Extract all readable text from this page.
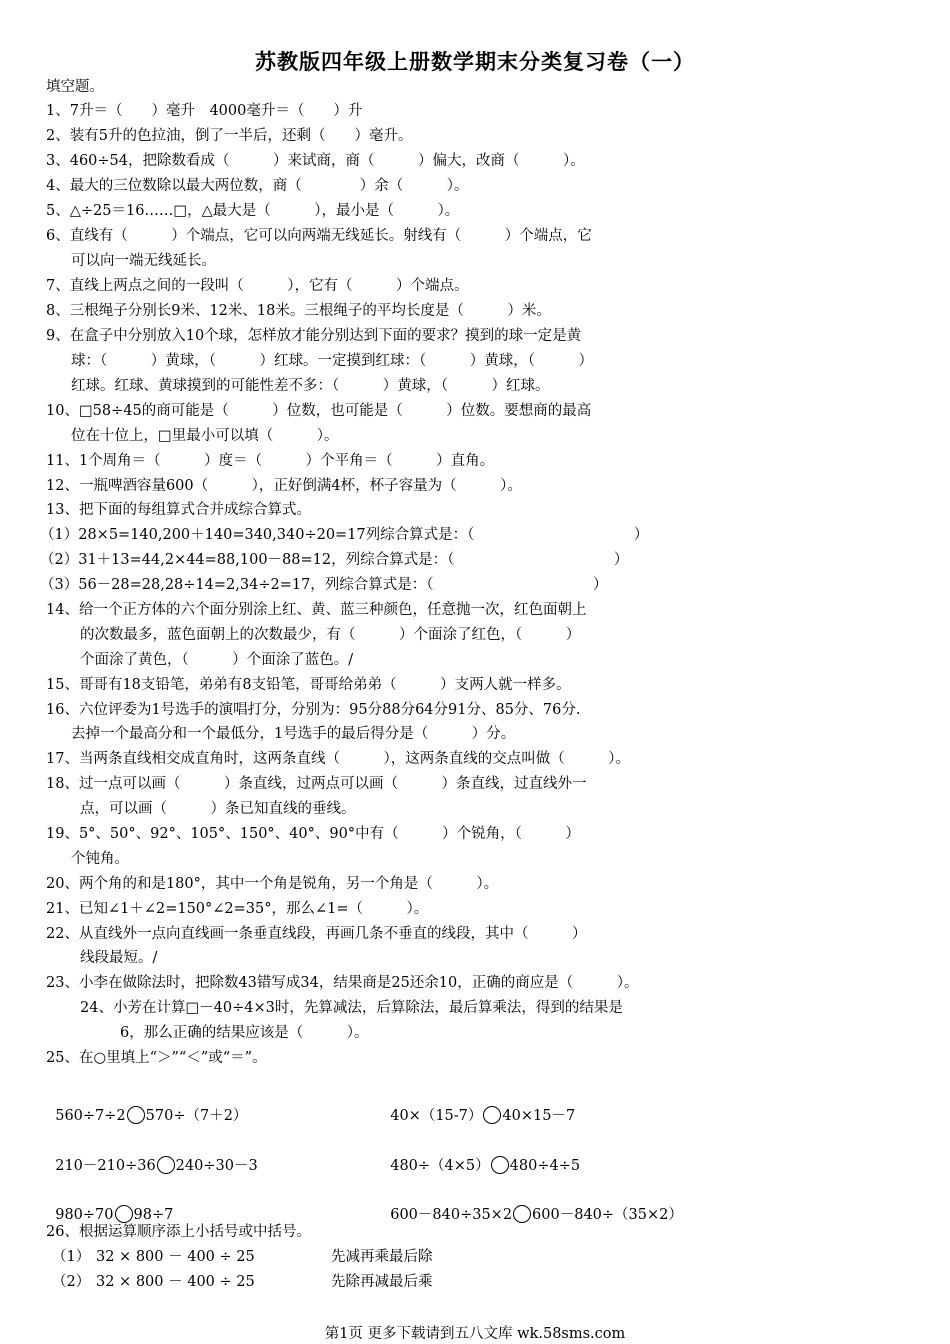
苏教版四年级上册数学期末分类复习卷（一）
填空题。
1、7升＝（　　）毫升　4000毫升＝（　　）升
2、装有5升的色拉油，倒了一半后，还剩（　　）毫升。
3、460÷54，把除数看成（　　　）来试商，商（　　　）偏大，改商（　　　）。
4、最大的三位数除以最大两位数，商（　　　　）余（　　　）。
5、△÷25＝16……□，△最大是（　　　），最小是（　　　）。
6、直线有（　　　）个端点，它可以向两端无线延长。射线有（　　　）个端点，它
可以向一端无线延长。
7、直线上两点之间的一段叫（　　　），它有（　　　）个端点。
8、三根绳子分别长9米、12米、18米。三根绳子的平均长度是（　　　）米。
9、在盒子中分别放入10个球，怎样放才能分别达到下面的要求？摸到的球一定是黄
球：（　　　）黄球，（　　　）红球。一定摸到红球：（　　　）黄球，（　　　）
红球。红球、黄球摸到的可能性差不多：（　　　）黄球，（　　　）红球。
10、□58÷45的商可能是（　　　）位数，也可能是（　　　）位数。要想商的最高
位在十位上，□里最小可以填（　　　）。
11、1个周角＝（　　　）度＝（　　　）个平角＝（　　　）直角。
12、一瓶啤酒容量600（　　　），正好倒满4杯，杯子容量为（　　　）。
13、把下面的每组算式合并成综合算式。
（1）28×5=140,200＋140=340,340÷20=17列综合算式是：（　　　　　　　　　　　）
（2）31＋13=44,2×44=88,100－88=12，列综合算式是：（　　　　　　　　　　　）
（3）56－28=28,28÷14=2,34÷2=17，列综合算式是：（　　　　　　　　　　　）
14、给一个正方体的六个面分别涂上红、黄、蓝三种颜色，任意抛一次，红色面朝上
的次数最多，蓝色面朝上的次数最少，有（　　　）个面涂了红色，（　　　）
个面涂了黄色，（　　　）个面涂了蓝色。/
15、哥哥有18支铅笔，弟弟有8支铅笔，哥哥给弟弟（　　　）支两人就一样多。
16、六位评委为1号选手的演唱打分，分别为：95分88分64分91分、85分、76分.
去掉一个最高分和一个最低分，1号选手的最后得分是（　　　）分。
17、当两条直线相交成直角时，这两条直线（　　　），这两条直线的交点叫做（　　　）。
18、过一点可以画（　　　）条直线，过两点可以画（　　　）条直线，过直线外一
点，可以画（　　　）条已知直线的垂线。
19、5°、50°、92°、105°、150°、40°、90°中有（　　　）个锐角，（　　　）
个钝角。
20、两个角的和是180°，其中一个角是锐角，另一个角是（　　　）。
21、已知∠1＋∠2=150°∠2=35°，那么∠1=（　　　）。
22、从直线外一点向直线画一条垂直线段，再画几条不垂直的线段，其中（　　　）
线段最短。/
23、小李在做除法时，把除数43错写成34，结果商是25还余10，正确的商应是（　　　）。
24、小芳在计算□－40÷4×3时，先算减法，后算除法，最后算乘法，得到的结果是
6，那么正确的结果应该是（　　　）。
25、在○里填上“＞”“＜”或“＝”。

560÷7÷2 570÷（7＋2）	40×（15-7） 40×15－7

210－210÷36 240÷30－3	480÷（4×5） 480÷4÷5

980÷70 98÷7	600－840÷35×2 600－840÷（35×2）

26、根据运算顺序添上小括号或中括号。
（1） 32 × 800 － 400 ÷ 25	先减再乘最后除
（2） 32 × 800 － 400 ÷ 25	先除再减最后乘
第1页 更多下载请到五八文库 wk.58sms.com
